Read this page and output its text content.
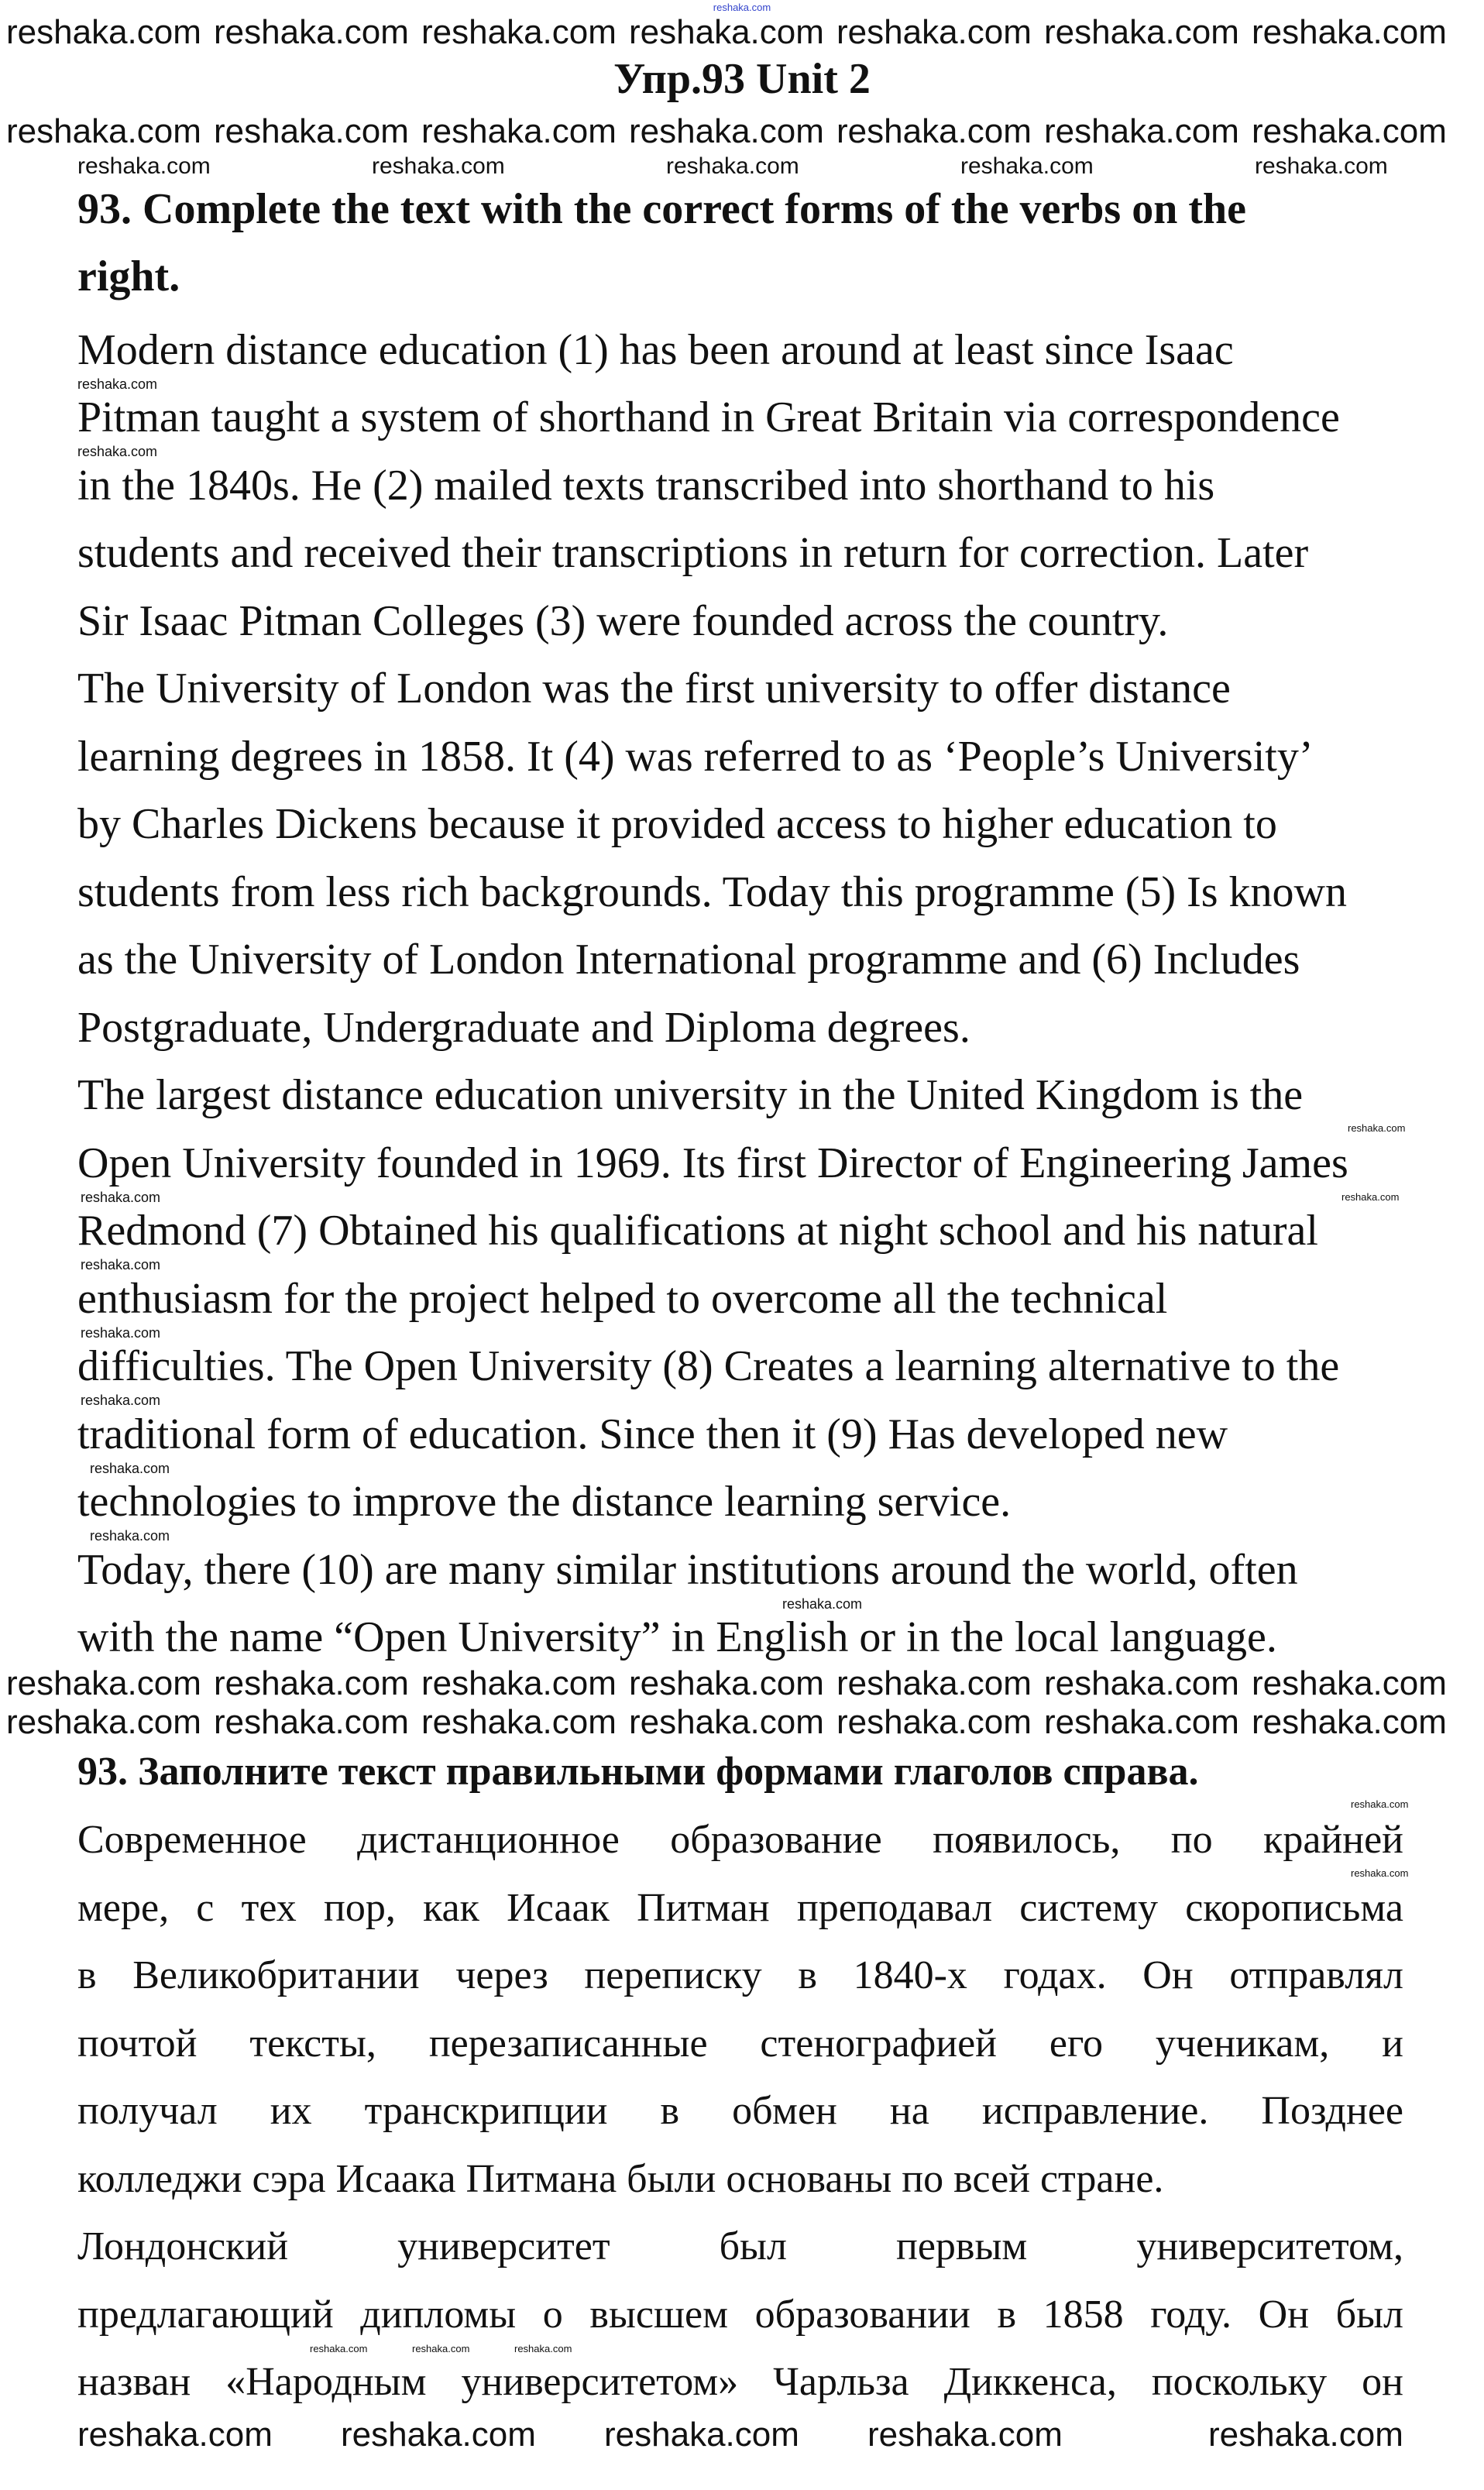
reshaka.com
Упр.93 Unit 2
93. Complete the text with the correct forms of the verbs on the
right.
Modern distance education (1) has been around at least since Isaac
Pitman taught a system of shorthand in Great Britain via correspondence
in the 1840s. He (2) mailed texts transcribed into shorthand to his
students and received their transcriptions in return for correction. Later
Sir Isaac Pitman Colleges (3) were founded across the country.
The University of London was the first university to offer distance
learning degrees in 1858. It (4) was referred to as ‘People’s University’
by Charles Dickens because it provided access to higher education to
students from less rich backgrounds. Today this programme (5) Is known
as the University of London International programme and (6) Includes
Postgraduate, Undergraduate and Diploma degrees.
The largest distance education university in the United Kingdom is the
Open University founded in 1969. Its first Director of Engineering James
Redmond (7) Obtained his qualifications at night school and his natural
enthusiasm for the project helped to overcome all the technical
difficulties. The Open University (8) Creates a learning alternative to the
traditional form of education. Since then it (9) Has developed new
technologies to improve the distance learning service.
Today, there (10) are many similar institutions around the world, often
with the name “Open University” in English or in the local language.
93. Заполните текст правильными формами глаголов справа.
Современное дистанционное образование появилось, по крайней
мере, с тех пор, как Исаак Питман преподавал систему скорописьма
в Великобритании через переписку в 1840-х годах. Он отправлял
почтой тексты, перезаписанные стенографией его ученикам, и
получал их транскрипции в обмен на исправление. Позднее
колледжи сэра Исаака Питмана были основаны по всей стране.
Лондонский университет был первым университетом,
предлагающий дипломы о высшем образовании в 1858 году. Он был
назван «Народным университетом» Чарльза Диккенса, поскольку он
reshaka.com reshaka.com reshaka.com reshaka.com reshaka.com reshaka.com reshaka.com
reshaka.com reshaka.com reshaka.com reshaka.com reshaka.com reshaka.com reshaka.com
reshaka.com	reshaka.com	reshaka.com	reshaka.com	reshaka.com
reshaka.com
reshaka.com
reshaka.com
reshaka.com	reshaka.com
reshaka.com
reshaka.com
reshaka.com
reshaka.com
reshaka.com
reshaka.com
reshaka.com reshaka.com reshaka.com reshaka.com reshaka.com reshaka.com reshaka.com
reshaka.com reshaka.com reshaka.com reshaka.com reshaka.com reshaka.com reshaka.com
reshaka.com
reshaka.com
reshaka.com	reshaka.com	reshaka.com
reshaka.com reshaka.com reshaka.com reshaka.com	reshaka.com
